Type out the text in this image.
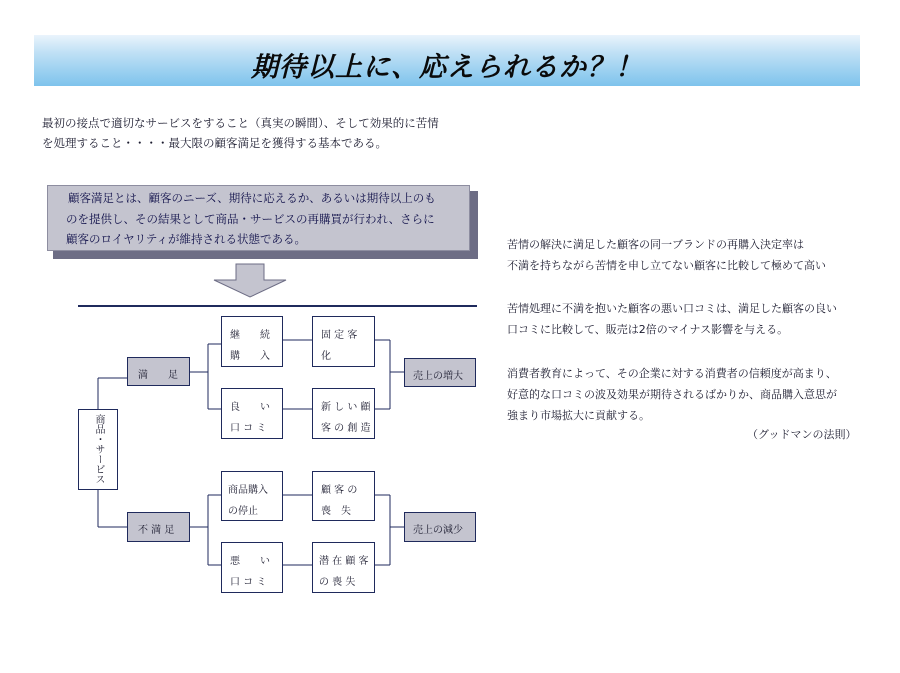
期待以上に、応えられるか？！
最初の接点で適切なサービスをすること（真実の瞬間）、そして効果的に苦情
を処理すること・・・・最大限の顧客満足を獲得する基本である。
顧客満足とは、顧客のニーズ、期待に応えるか、あるいは期待以上のも
のを提供し、その結果として商品・サービスの再購買が行われ、さらに
顧客のロイヤリティが維持される状態である。
商品・サービス
満　　足
不 満 足
継　　続
購　　入
固 定 客
化
良　　い
口 コ ミ
新 し い 顧
客 の 創 造
商品購入
の停止
顧 客 の
喪　失
悪　　い
口 コ ミ
潜 在 顧 客
の 喪 失
売上の増大
売上の減少
苦情の解決に満足した顧客の同一ブランドの再購入決定率は
不満を持ちながら苦情を申し立てない顧客に比較して極めて高い
苦情処理に不満を抱いた顧客の悪い口コミは、満足した顧客の良い
口コミに比較して、販売は2倍のマイナス影響を与える。
消費者教育によって、その企業に対する消費者の信頼度が高まり、
好意的な口コミの波及効果が期待されるばかりか、商品購入意思が
強まり市場拡大に貢献する。
（グッドマンの法則）
